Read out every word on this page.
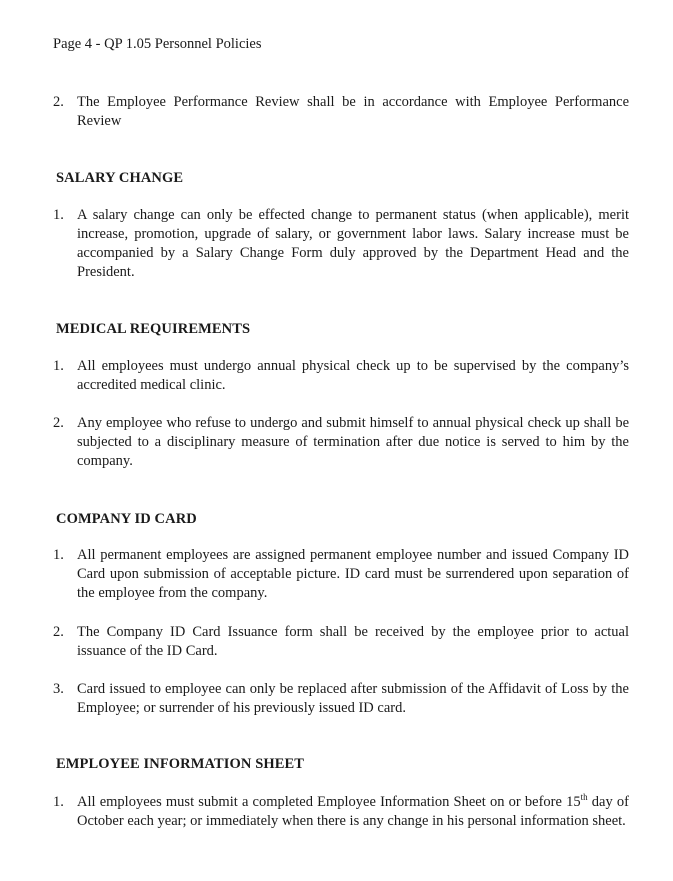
Page 4 - QP 1.05 Personnel Policies
2. The Employee Performance Review shall be in accordance with Employee Performance Review
SALARY CHANGE
1. A salary change can only be effected change to permanent status (when applicable), merit increase, promotion, upgrade of salary, or government labor laws. Salary increase must be accompanied by a Salary Change Form duly approved by the Department Head and the President.
MEDICAL REQUIREMENTS
1. All employees must undergo annual physical check up to be supervised by the company’s accredited medical clinic.
2. Any employee who refuse to undergo and submit himself to annual physical check up shall be subjected to a disciplinary measure of termination after due notice is served to him by the company.
COMPANY ID CARD
1. All permanent employees are assigned permanent employee number and issued Company ID Card upon submission of acceptable picture. ID card must be surrendered upon separation of the employee from the company.
2. The Company ID Card Issuance form shall be received by the employee prior to actual issuance of the ID Card.
3. Card issued to employee can only be replaced after submission of the Affidavit of Loss by the Employee; or surrender of his previously issued ID card.
EMPLOYEE INFORMATION SHEET
1. All employees must submit a completed Employee Information Sheet on or before 15th day of October each year; or immediately when there is any change in his personal information sheet.
